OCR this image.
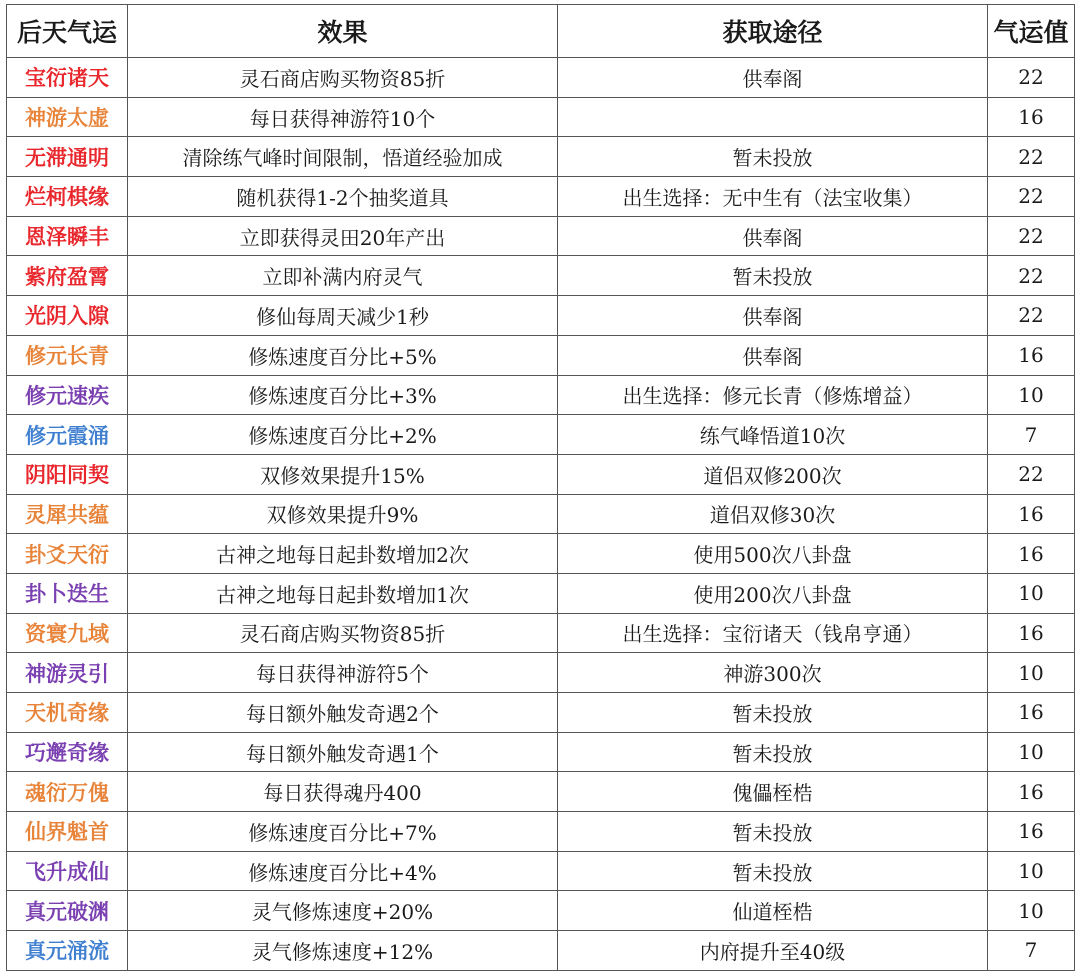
后天气运	效果	获取途径	气运值
宝衍诸天	灵石商店购买物资85折	供奉阁	22
神游太虚	每日获得神游符10个		16
无滞通明	清除练气峰时间限制，悟道经验加成	暂未投放	22
烂柯棋缘	随机获得1-2个抽奖道具	出生选择：无中生有（法宝收集）	22
恩泽瞬丰	立即获得灵田20年产出	供奉阁	22
紫府盈霄	立即补满内府灵气	暂未投放	22
光阴入隙	修仙每周天减少1秒	供奉阁	22
修元长青	修炼速度百分比+5%	供奉阁	16
修元速疾	修炼速度百分比+3%	出生选择：修元长青（修炼增益）	10
修元霞涌	修炼速度百分比+2%	练气峰悟道10次	7
阴阳同契	双修效果提升15%	道侣双修200次	22
灵犀共蕴	双修效果提升9%	道侣双修30次	16
卦爻天衍	古神之地每日起卦数增加2次	使用500次八卦盘	16
卦卜迭生	古神之地每日起卦数增加1次	使用200次八卦盘	10
资寰九域	灵石商店购买物资85折	出生选择：宝衍诸天（钱帛亨通）	16
神游灵引	每日获得神游符5个	神游300次	10
天机奇缘	每日额外触发奇遇2个	暂未投放	16
巧邂奇缘	每日额外触发奇遇1个	暂未投放	10
魂衍万傀	每日获得魂丹400	傀儡桎梏	16
仙界魁首	修炼速度百分比+7%	暂未投放	16
飞升成仙	修炼速度百分比+4%	暂未投放	10
真元破渊	灵气修炼速度+20%	仙道桎梏	10
真元涌流	灵气修炼速度+12%	内府提升至40级	7
